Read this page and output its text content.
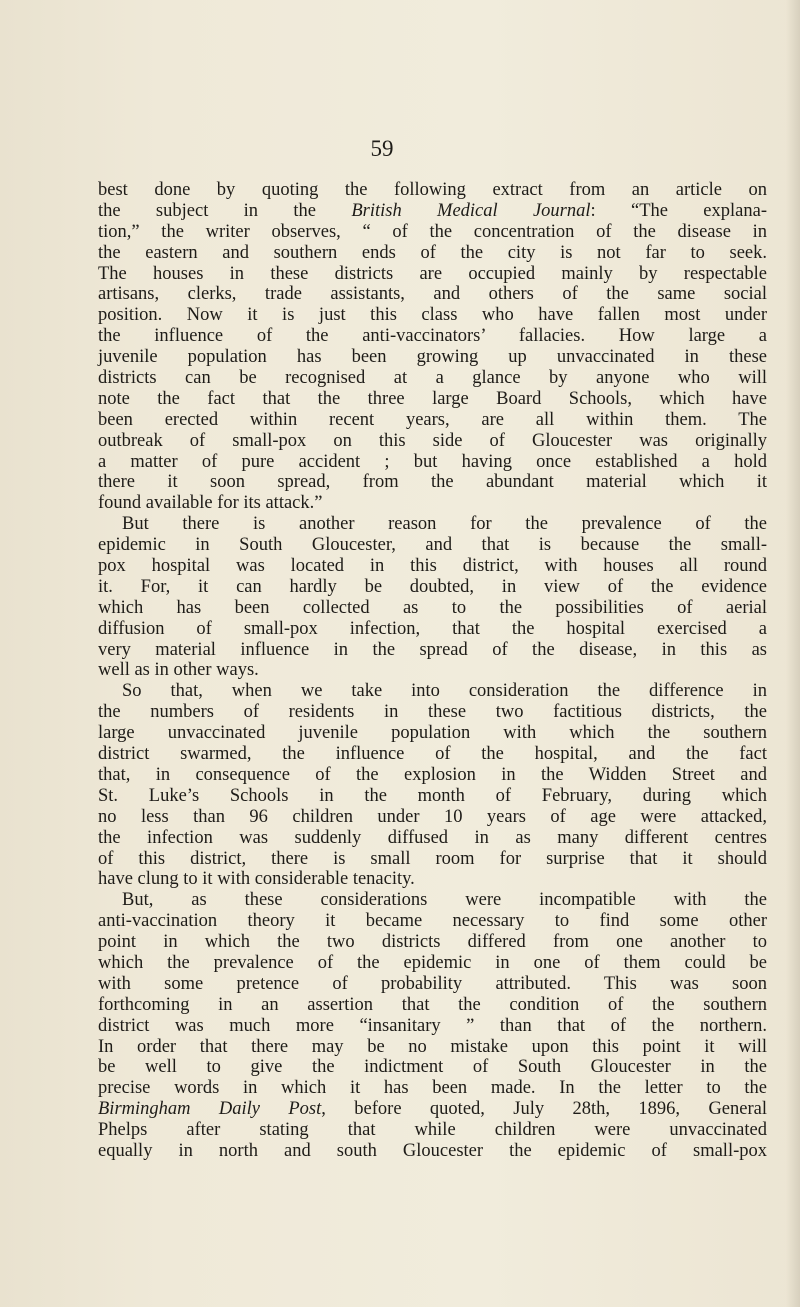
59
best done by quoting the following extract from an article on
the subject in the British Medical Journal: “The explana-
tion,” the writer observes, “ of the concentration of the disease in
the eastern and southern ends of the city is not far to seek.
The houses in these districts are occupied mainly by respectable
artisans, clerks, trade assistants, and others of the same social
position. Now it is just this class who have fallen most under
the influence of the anti-vaccinators’ fallacies. How large a
juvenile population has been growing up unvaccinated in these
districts can be recognised at a glance by anyone who will
note the fact that the three large Board Schools, which have
been erected within recent years, are all within them. The
outbreak of small-pox on this side of Gloucester was originally
a matter of pure accident ; but having once established a hold
there it soon spread, from the abundant material which it
found available for its attack.”
But there is another reason for the prevalence of the
epidemic in South Gloucester, and that is because the small-
pox hospital was located in this district, with houses all round
it. For, it can hardly be doubted, in view of the evidence
which has been collected as to the possibilities of aerial
diffusion of small-pox infection, that the hospital exercised a
very material influence in the spread of the disease, in this as
well as in other ways.
So that, when we take into consideration the difference in
the numbers of residents in these two factitious districts, the
large unvaccinated juvenile population with which the southern
district swarmed, the influence of the hospital, and the fact
that, in consequence of the explosion in the Widden Street and
St. Luke’s Schools in the month of February, during which
no less than 96 children under 10 years of age were attacked,
the infection was suddenly diffused in as many different centres
of this district, there is small room for surprise that it should
have clung to it with considerable tenacity.
But, as these considerations were incompatible with the
anti-vaccination theory it became necessary to find some other
point in which the two districts differed from one another to
which the prevalence of the epidemic in one of them could be
with some pretence of probability attributed. This was soon
forthcoming in an assertion that the condition of the southern
district was much more “insanitary ” than that of the northern.
In order that there may be no mistake upon this point it will
be well to give the indictment of South Gloucester in the
precise words in which it has been made. In the letter to the
Birmingham Daily Post, before quoted, July 28th, 1896, General
Phelps after stating that while children were unvaccinated
equally in north and south Gloucester the epidemic of small-pox
